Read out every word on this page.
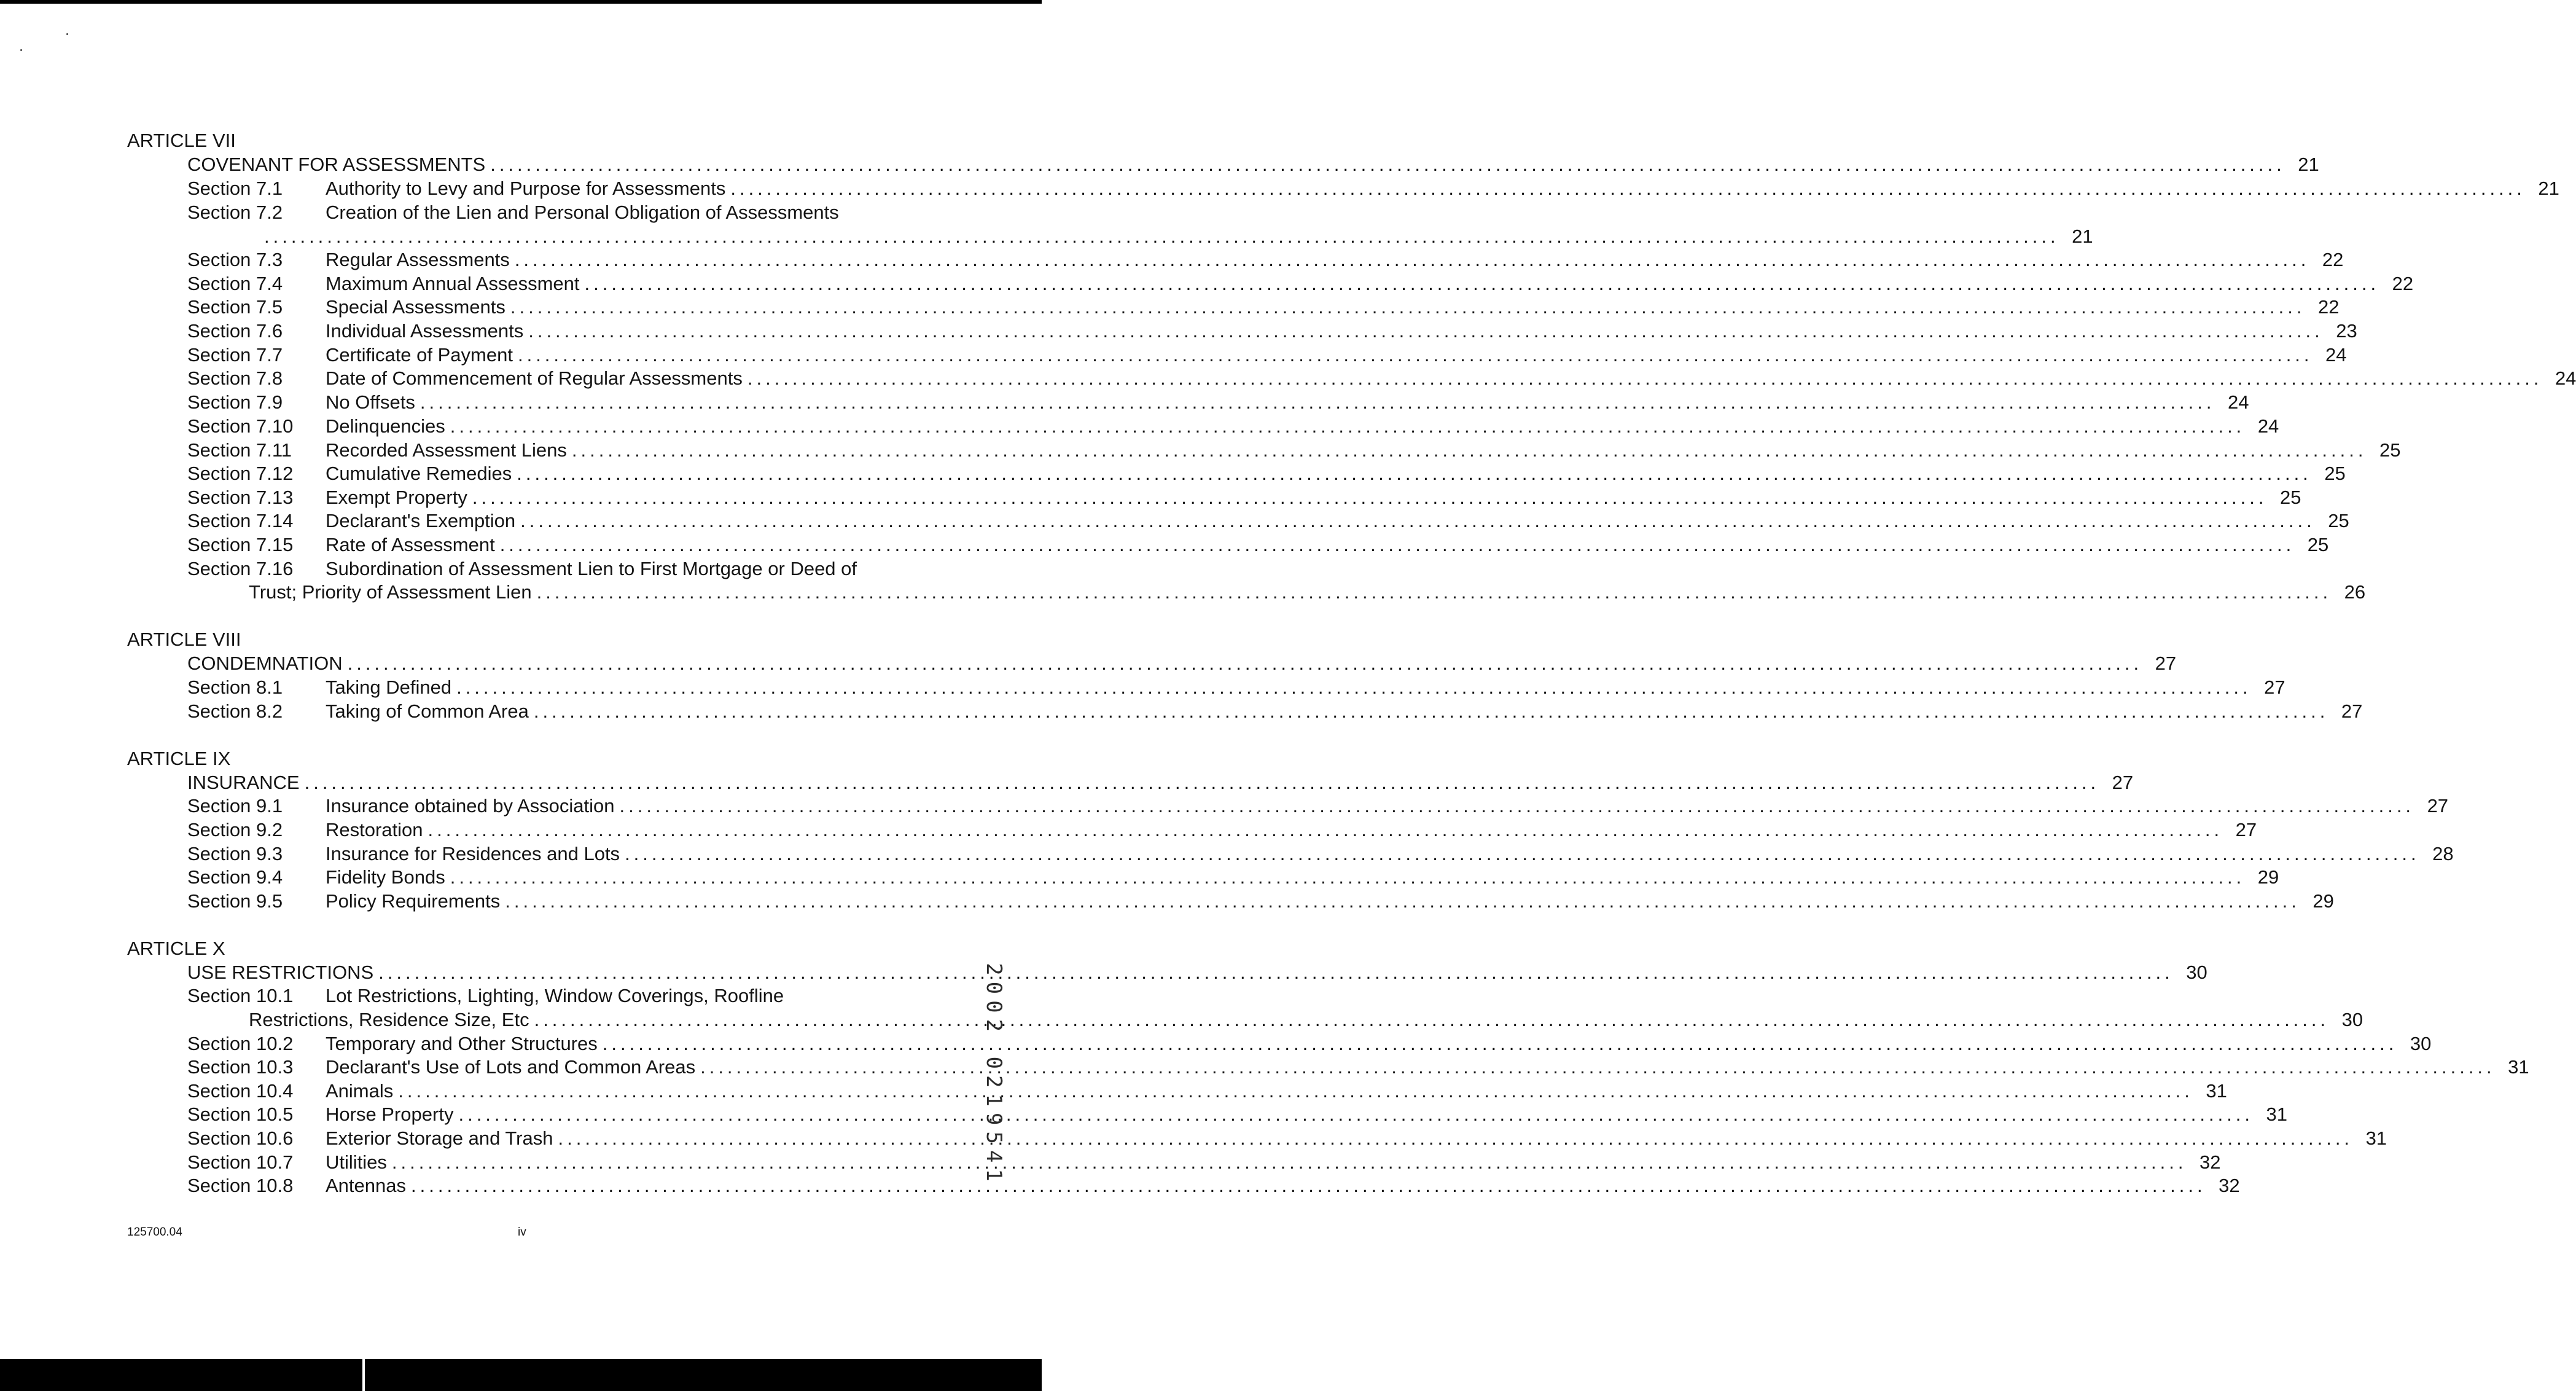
ARTICLE VII
COVENANT FOR ASSESSMENTS ........................................................................................................................................................................................................ 21
Section 7.1	Authority to Levy and Purpose for Assessments ........................................................................................................................................................................................................ 21
Section 7.2	Creation of the Lien and Personal Obligation of Assessments
........................................................................................................................................................................................................ 21
Section 7.3	Regular Assessments ........................................................................................................................................................................................................ 22
Section 7.4	Maximum Annual Assessment ........................................................................................................................................................................................................ 22
Section 7.5	Special Assessments ........................................................................................................................................................................................................ 22
Section 7.6	Individual Assessments ........................................................................................................................................................................................................ 23
Section 7.7	Certificate of Payment ........................................................................................................................................................................................................ 24
Section 7.8	Date of Commencement of Regular Assessments ........................................................................................................................................................................................................ 24
Section 7.9	No Offsets ........................................................................................................................................................................................................ 24
Section 7.10	Delinquencies ........................................................................................................................................................................................................ 24
Section 7.11	Recorded Assessment Liens ........................................................................................................................................................................................................ 25
Section 7.12	Cumulative Remedies ........................................................................................................................................................................................................ 25
Section 7.13	Exempt Property ........................................................................................................................................................................................................ 25
Section 7.14	Declarant's Exemption ........................................................................................................................................................................................................ 25
Section 7.15	Rate of Assessment ........................................................................................................................................................................................................ 25
Section 7.16	Subordination of Assessment Lien to First Mortgage or Deed of
Trust; Priority of Assessment Lien ........................................................................................................................................................................................................ 26
ARTICLE VIII
CONDEMNATION ........................................................................................................................................................................................................ 27
Section 8.1	Taking Defined ........................................................................................................................................................................................................ 27
Section 8.2	Taking of Common Area ........................................................................................................................................................................................................ 27
ARTICLE IX
INSURANCE ........................................................................................................................................................................................................ 27
Section 9.1	Insurance obtained by Association ........................................................................................................................................................................................................ 27
Section 9.2	Restoration ........................................................................................................................................................................................................ 27
Section 9.3	Insurance for Residences and Lots ........................................................................................................................................................................................................ 28
Section 9.4	Fidelity Bonds ........................................................................................................................................................................................................ 29
Section 9.5	Policy Requirements ........................................................................................................................................................................................................ 29
ARTICLE X
USE RESTRICTIONS ........................................................................................................................................................................................................ 30
Section 10.1	Lot Restrictions, Lighting, Window Coverings, Roofline
Restrictions, Residence Size, Etc ........................................................................................................................................................................................................ 30
Section 10.2	Temporary and Other Structures ........................................................................................................................................................................................................ 30
Section 10.3	Declarant's Use of Lots and Common Areas ........................................................................................................................................................................................................ 31
Section 10.4	Animals ........................................................................................................................................................................................................ 31
Section 10.5	Horse Property ........................................................................................................................................................................................................ 31
Section 10.6	Exterior Storage and Trash ........................................................................................................................................................................................................ 31
Section 10.7	Utilities ........................................................................................................................................................................................................ 32
Section 10.8	Antennas ........................................................................................................................................................................................................ 32
125700.04	iv
2002 0219541
